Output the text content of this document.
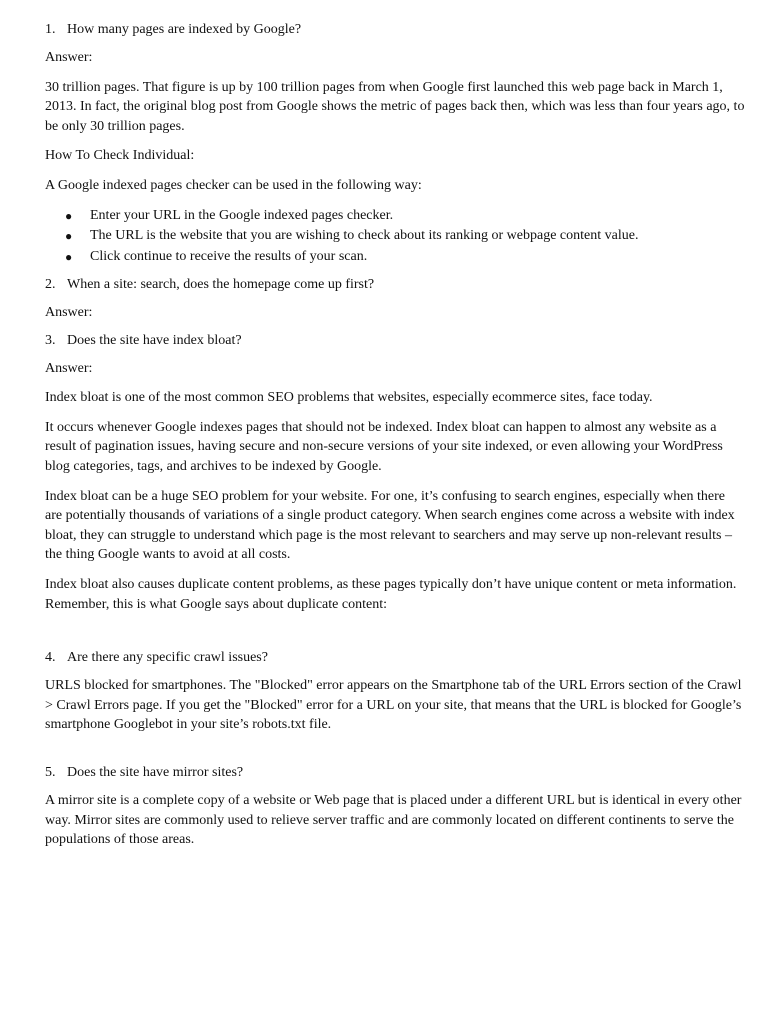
1. How many pages are indexed by Google?

Answer:

30 trillion pages. That figure is up by 100 trillion pages from when Google first launched this web page back in March 1, 2013. In fact, the original blog post from Google shows the metric of pages back then, which was less than four years ago, to be only 30 trillion pages.

How To Check Individual:

A Google indexed pages checker can be used in the following way:

●	Enter your URL in the Google indexed pages checker.
●	The URL is the website that you are wishing to check about its ranking or webpage content value.
●	Click continue to receive the results of your scan.
2. When a site: search, does the homepage come up first?

Answer:

3. Does the site have index bloat?

Answer:

Index bloat is one of the most common SEO problems that websites, especially ecommerce sites, face today.

It occurs whenever Google indexes pages that should not be indexed. Index bloat can happen to almost any website as a result of pagination issues, having secure and non-secure versions of your site indexed, or even allowing your WordPress blog categories, tags, and archives to be indexed by Google.

Index bloat can be a huge SEO problem for your website. For one, it’s confusing to search engines, especially when there are potentially thousands of variations of a single product category. When search engines come across a website with index bloat, they can struggle to understand which page is the most relevant to searchers and may serve up non-relevant results – the thing Google wants to avoid at all costs.

Index bloat also causes duplicate content problems, as these pages typically don’t have unique content or meta information. Remember, this is what Google says about duplicate content:

4. Are there any specific crawl issues?

URLS blocked for smartphones. The "Blocked" error appears on the Smartphone tab of the URL Errors section of the Crawl > Crawl Errors page. If you get the "Blocked" error for a URL on your site, that means that the URL is blocked for Google’s smartphone Googlebot in your site’s robots.txt file.

5. Does the site have mirror sites?

A mirror site is a complete copy of a website or Web page that is placed under a different URL but is identical in every other way. Mirror sites are commonly used to relieve server traffic and are commonly located on different continents to serve the populations of those areas.
